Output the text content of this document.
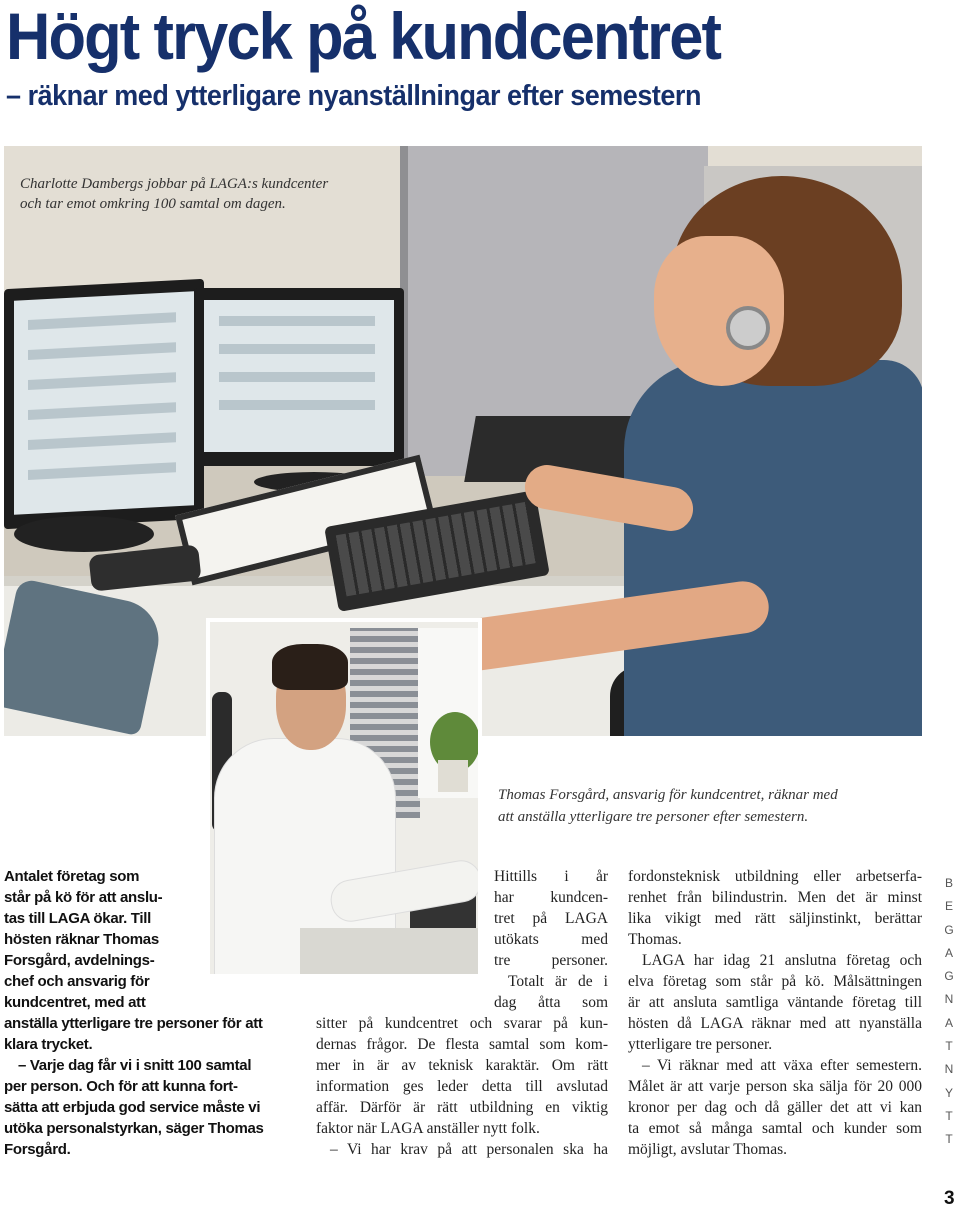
Högt tryck på kundcentret
– räknar med ytterligare nyanställningar efter semestern

Charlotte Dambergs jobbar på LAGA:s kundcenter
och tar emot omkring 100 samtal om dagen.

Thomas Forsgård, ansvarig för kundcentret, räknar med
att anställa ytterligare tre personer efter semestern.

Antalet företag som
står på kö för att anslu-
tas till LAGA ökar. Till
hösten räknar Thomas
Forsgård, avdelnings-
chef och ansvarig för
kundcentret, med att
anställa ytterligare tre personer för att
klara trycket.
– Varje dag får vi i snitt 100 samtal
per person. Och för att kunna fort-
sätta att erbjuda god service måste vi
utöka personalstyrkan, säger Thomas
Forsgård.
Hittills i år
har kundcen-
tret på LAGA
utökats med
tre personer.
Totalt är de i
dag åtta som
sitter på kundcentret och svarar på kun-
dernas frågor. De flesta samtal som kom-
mer in är av teknisk karaktär. Om rätt
information ges leder detta till avslutad
affär. Därför är rätt utbildning en viktig
faktor när LAGA anställer nytt folk.
– Vi har krav på att personalen ska ha
fordonsteknisk utbildning eller arbetserfa-
renhet från bilindustrin. Men det är minst
lika vikigt med rätt säljinstinkt, berättar
Thomas.
LAGA har idag 21 anslutna företag och
elva företag som står på kö. Målsättningen
är att ansluta samtliga väntande företag till
hösten då LAGA räknar med att nyanställa
ytterligare tre personer.
– Vi räknar med att växa efter semestern.
Målet är att varje person ska sälja för 20 000
kronor per dag och då gäller det att vi kan
ta emot så många samtal och kunder som
möjligt, avslutar Thomas.
B
E
G
A
G
N
A
T
N
Y
T
T

3
